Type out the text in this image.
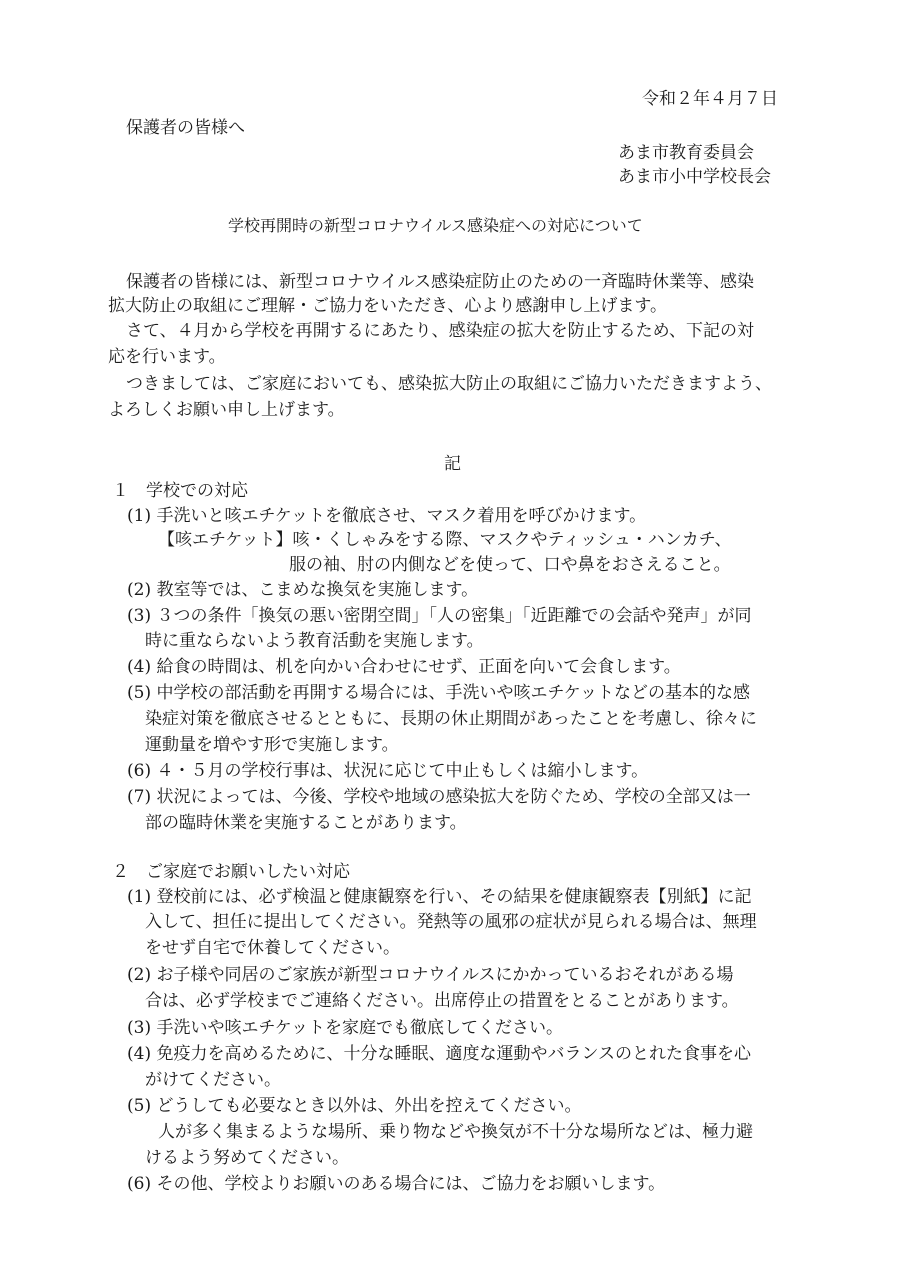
令和２年４月７日
保護者の皆様へ
あま市教育委員会
あま市小中学校長会
学校再開時の新型コロナウイルス感染症への対応について
保護者の皆様には、新型コロナウイルス感染症防止のための一斉臨時休業等、感染
拡大防止の取組にご理解・ご協力をいただき、心より感謝申し上げます。
さて、４月から学校を再開するにあたり、感染症の拡大を防止するため、下記の対
応を行います。
つきましては、ご家庭においても、感染拡大防止の取組にご協力いただきますよう、
よろしくお願い申し上げます。
記
１　学校での対応
(1) 手洗いと咳エチケットを徹底させ、マスク着用を呼びかけます。
【咳エチケット】咳・くしゃみをする際、マスクやティッシュ・ハンカチ、
服の袖、肘の内側などを使って、口や鼻をおさえること。
(2) 教室等では、こまめな換気を実施します。
(3) ３つの条件「換気の悪い密閉空間」「人の密集」「近距離での会話や発声」が同
時に重ならないよう教育活動を実施します。
(4) 給食の時間は、机を向かい合わせにせず、正面を向いて会食します。
(5) 中学校の部活動を再開する場合には、手洗いや咳エチケットなどの基本的な感
染症対策を徹底させるとともに、長期の休止期間があったことを考慮し、徐々に
運動量を増やす形で実施します。
(6) ４・５月の学校行事は、状況に応じて中止もしくは縮小します。
(7) 状況によっては、今後、学校や地域の感染拡大を防ぐため、学校の全部又は一
部の臨時休業を実施することがあります。
２　ご家庭でお願いしたい対応
(1) 登校前には、必ず検温と健康観察を行い、その結果を健康観察表【別紙】に記
入して、担任に提出してください。発熱等の風邪の症状が見られる場合は、無理
をせず自宅で休養してください。
(2) お子様や同居のご家族が新型コロナウイルスにかかっているおそれがある場
合は、必ず学校までご連絡ください。出席停止の措置をとることがあります。
(3) 手洗いや咳エチケットを家庭でも徹底してください。
(4) 免疫力を高めるために、十分な睡眠、適度な運動やバランスのとれた食事を心
がけてください。
(5) どうしても必要なとき以外は、外出を控えてください。
人が多く集まるような場所、乗り物などや換気が不十分な場所などは、極力避
けるよう努めてください。
(6) その他、学校よりお願いのある場合には、ご協力をお願いします。
